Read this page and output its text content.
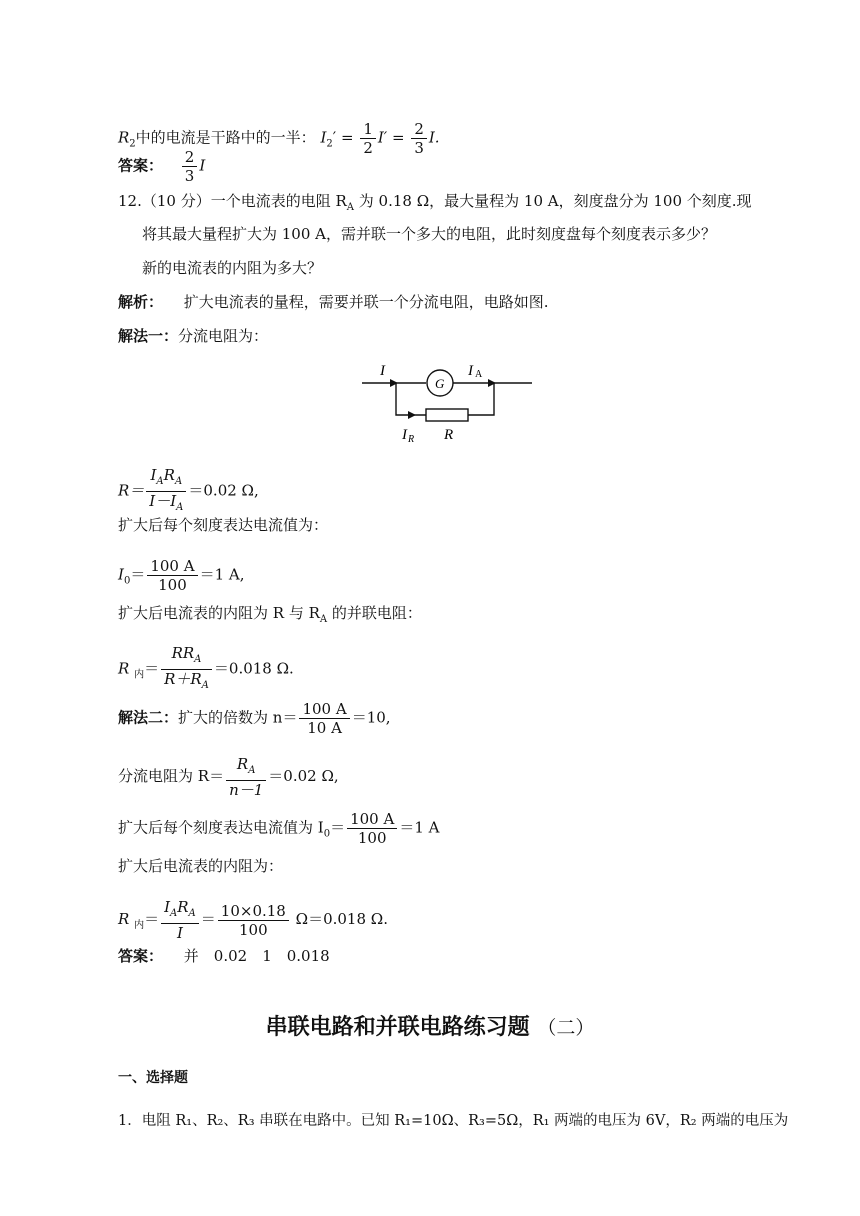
$R_2$中的电流是干路中的一半： $I_2' = \frac{1}{2} I' = \frac{2}{3} I$.
答案： $\frac{2}{3}$ I
12.（10 分）一个电流表的电阻 $R_A$ 为 0.18 Ω，最大量程为 10 A，刻度盘分为 100 个刻度.现
将其最大量程扩大为 100 A，需并联一个多大的电阻，此时刻度盘每个刻度表示多少？
新的电流表的内阻为多大？
解析： 扩大电流表的量程，需要并联一个分流电阻，电路如图.
解法一：分流电阻为：
I
G
I A
I R R
$R= \frac{I_AR_A}{I-I_A} =0.02$ Ω,
扩大后每个刻度表达电流值为：
$I_0= \frac{100 A}{100} =1$ A,
扩大后电流表的内阻为 R 与 $R_A$ 的并联电阻：
R $_内= \frac{RR_A}{R+R_A} =0.018$ Ω.
解法二：扩大的倍数为 $n= \frac{100 A}{10 A} =10$,
分流电阻为 $R= \frac{R_A}{n-1} =0.02$ Ω,
扩大后每个刻度表达电流值为 $I_0= \frac{100 A}{100} =1$ A
扩大后电流表的内阻为：
R $_内= \frac{I_AR_A}{I} = \frac{10\times 0.18}{100} \Omega=0.018$ Ω.
答案： 并　0.02　1　0.018
串联电路和并联电路练习题 （二）
一、选择题
1．电阻 R₁、R₂、R₃ 串联在电路中。已知 R₁=10Ω、R₃=5Ω，R₁ 两端的电压为 6V，R₂ 两端的电压为
